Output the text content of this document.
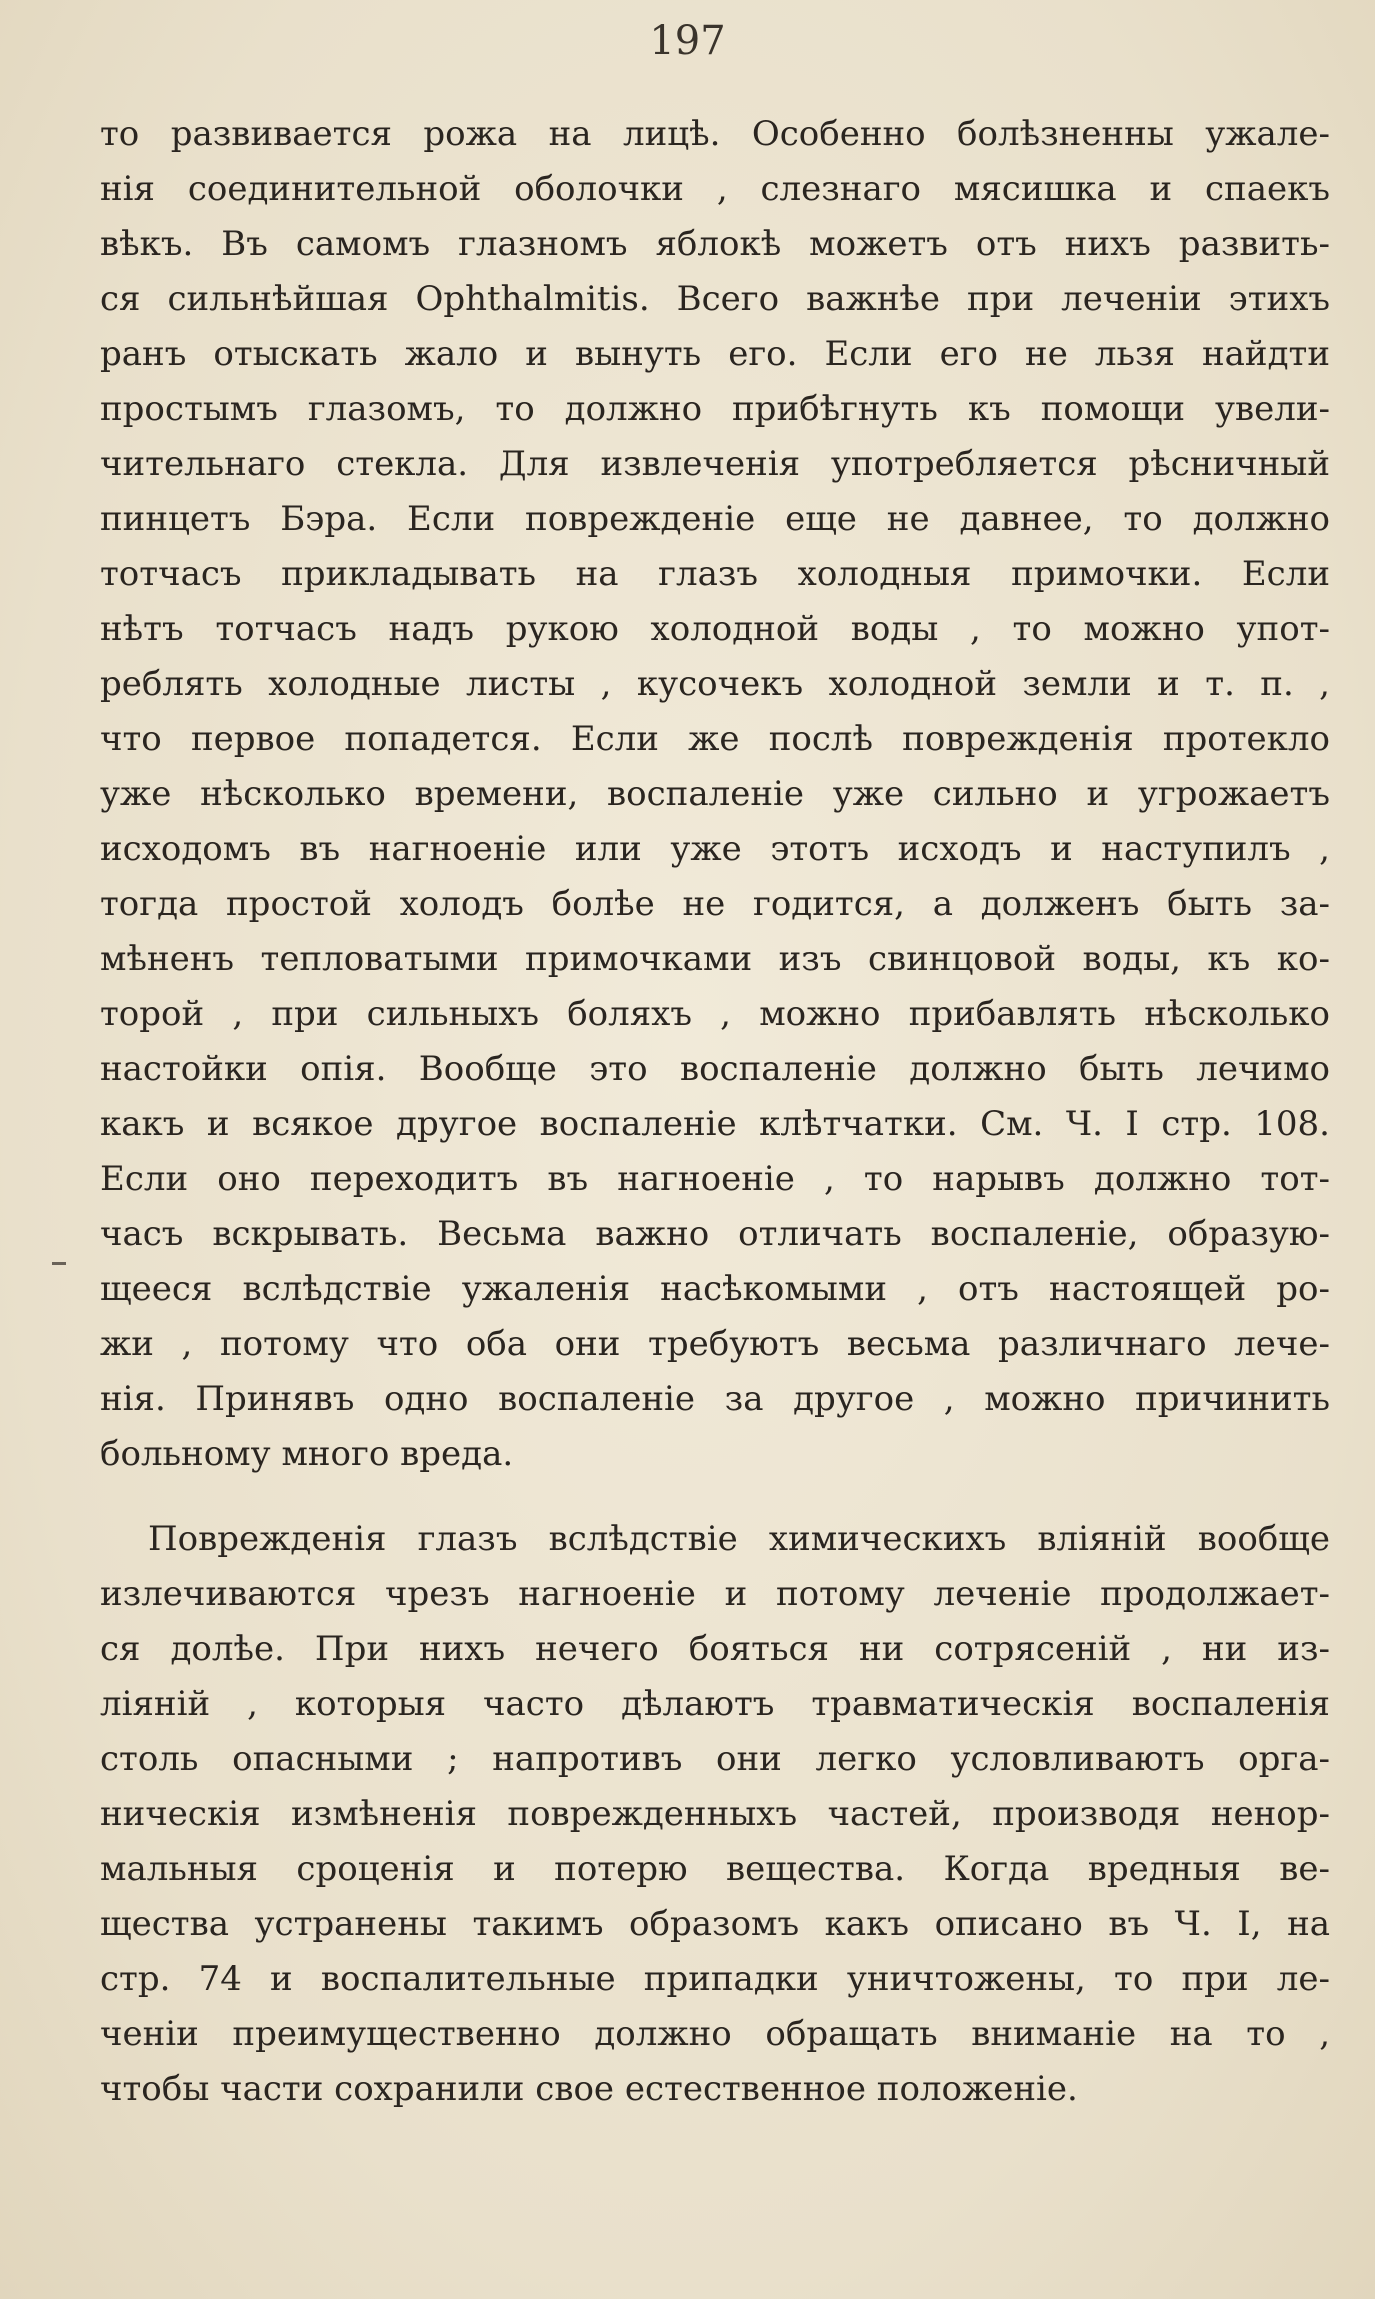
197
то развивается рожа на лицѣ. Особенно болѣзненны ужале-
нія соединительной оболочки , слезнаго мясишка и спаекъ
вѣкъ. Въ самомъ глазномъ яблокѣ можетъ отъ нихъ развить-
ся сильнѣйшая Ophthalmitis. Всего важнѣе при леченіи этихъ
ранъ отыскать жало и вынуть его. Если его не льзя найдти
простымъ глазомъ, то должно прибѣгнуть къ помощи увели-
чительнаго стекла. Для извлеченія употребляется рѣсничный
пинцетъ Бэра. Если поврежденіе еще не давнее, то должно
тотчасъ прикладывать на глазъ холодныя примочки. Если
нѣтъ тотчасъ надъ рукою холодной воды , то можно упот-
реблять холодные листы , кусочекъ холодной земли и т. п. ,
что первое попадется. Если же послѣ поврежденія протекло
уже нѣсколько времени, воспаленіе уже сильно и угрожаетъ
исходомъ въ нагноеніе или уже этотъ исходъ и наступилъ ,
тогда простой холодъ болѣе не годится, а долженъ быть за-
мѣненъ тепловатыми примочками изъ свинцовой воды, къ ко-
торой , при сильныхъ боляхъ , можно прибавлять нѣсколько
настойки опія. Вообще это воспаленіе должно быть лечимо
какъ и всякое другое воспаленіе клѣтчатки. См. Ч. I стр. 108.
Если оно переходитъ въ нагноеніе , то нарывъ должно тот-
часъ вскрывать. Весьма важно отличать воспаленіе, образую-
щееся вслѣдствіе ужаленія насѣкомыми , отъ настоящей ро-
жи , потому что оба они требуютъ весьма различнаго лече-
нія. Принявъ одно воспаленіе за другое , можно причинить
больному много вреда.
Поврежденія глазъ вслѣдствіе химическихъ вліяній вообще
излечиваются чрезъ нагноеніе и потому леченіе продолжает-
ся долѣе. При нихъ нечего бояться ни сотрясеній , ни из-
ліяній , которыя часто дѣлаютъ травматическія воспаленія
столь опасными ; напротивъ они легко условливаютъ орга-
ническія измѣненія поврежденныхъ частей, производя ненор-
мальныя сроценія и потерю вещества. Когда вредныя ве-
щества устранены такимъ образомъ какъ описано въ Ч. I, на
стр. 74 и воспалительные припадки уничтожены, то при ле-
ченіи преимущественно должно обращать вниманіе на то ,
чтобы части сохранили свое естественное положеніе.
